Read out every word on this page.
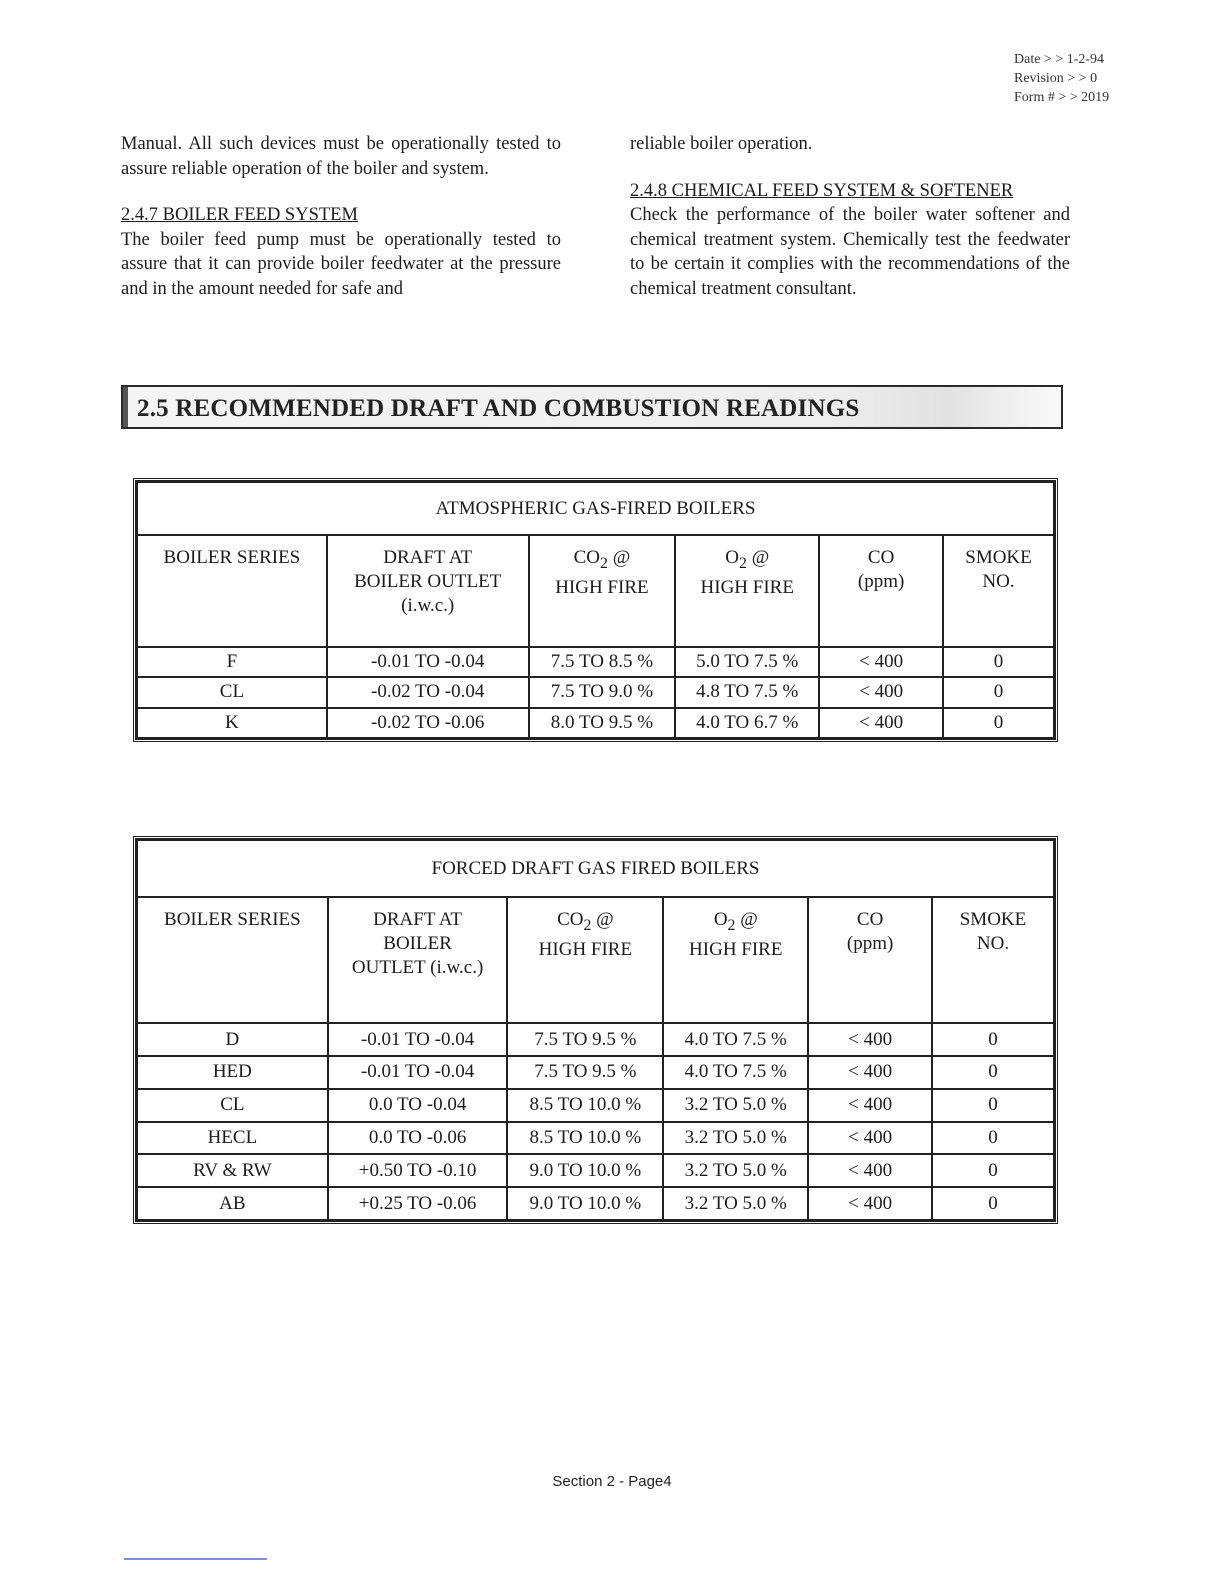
Date > > 1-2-94
Revision > > 0
Form # > > 2019

Manual. All such devices must be operationally tested to assure reliable operation of the boiler and system.

2.4.7 BOILER FEED SYSTEM

The boiler feed pump must be operationally tested to assure that it can provide boiler feedwater at the pressure and in the amount needed for safe and

reliable boiler operation.

2.4.8 CHEMICAL FEED SYSTEM & SOFTENER

Check the performance of the boiler water softener and chemical treatment system. Chemically test the feedwater to be certain it complies with the recommendations of the chemical treatment consultant.

2.5 RECOMMENDED DRAFT AND COMBUSTION READINGS
ATMOSPHERIC GAS-FIRED BOILERS					
BOILER SERIES	DRAFT AT
BOILER OUTLET
(i.w.c.)	$CO_2$ @
HIGH FIRE	$O_2$ @
HIGH FIRE	CO
(ppm)	SMOKE
NO.
F	-0.01 TO -0.04	7.5 TO 8.5 %	5.0 TO 7.5 %	< 400	0
CL	-0.02 TO -0.04	7.5 TO 9.0 %	4.8 TO 7.5 %	< 400	0
K	-0.02 TO -0.06	8.0 TO 9.5 %	4.0 TO 6.7 %	< 400	0
FORCED DRAFT GAS FIRED BOILERS					
BOILER SERIES	DRAFT AT
BOILER
OUTLET (i.w.c.)	$CO_2$ @
HIGH FIRE	$O_2$ @
HIGH FIRE	CO
(ppm)	SMOKE
NO.
D	-0.01 TO -0.04	7.5 TO 9.5 %	4.0 TO 7.5 %	< 400	0
HED	-0.01 TO -0.04	7.5 TO 9.5 %	4.0 TO 7.5 %	< 400	0
CL	0.0 TO -0.04	8.5 TO 10.0 %	3.2 TO 5.0 %	< 400	0
HECL	0.0 TO -0.06	8.5 TO 10.0 %	3.2 TO 5.0 %	< 400	0
RV & RW	+0.50 TO -0.10	9.0 TO 10.0 %	3.2 TO 5.0 %	< 400	0
AB	+0.25 TO -0.06	9.0 TO 10.0 %	3.2 TO 5.0 %	< 400	0
Section 2 - Page4
